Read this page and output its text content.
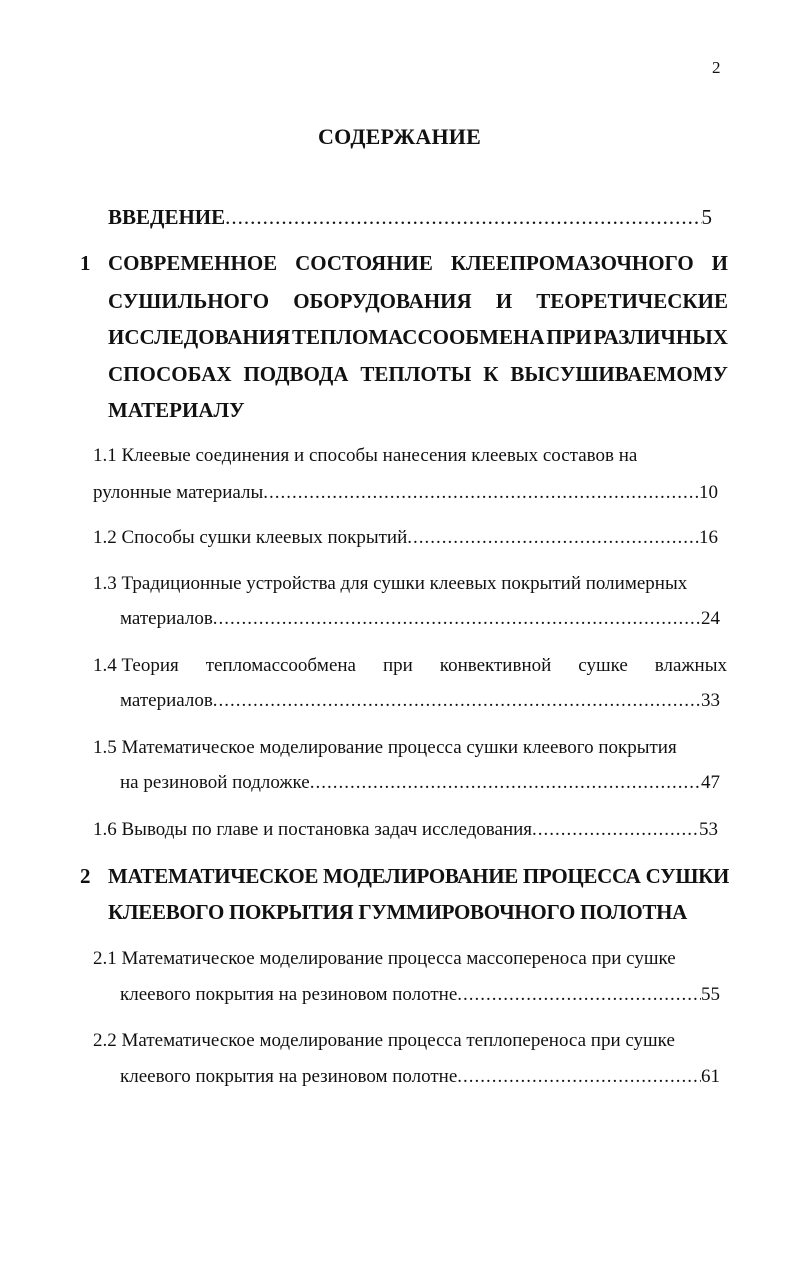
2
СОДЕРЖАНИЕ
ВВЕДЕНИЕ .....	5
1 СОВРЕМЕННОЕ СОСТОЯНИЕ КЛЕЕПРОМАЗОЧНОГО И
СУШИЛЬНОГО ОБОРУДОВАНИЯ И ТЕОРЕТИЧЕСКИЕ
ИССЛЕДОВАНИЯ ТЕПЛОМАССООБМЕНА ПРИ РАЗЛИЧНЫХ
СПОСОБАХ ПОДВОДА ТЕПЛОТЫ К ВЫСУШИВАЕМОМУ
МАТЕРИАЛУ
1.1 Клеевые соединения и способы нанесения клеевых составов на
рулонные материалы .....	10
1.2 Способы сушки клеевых покрытий .....	16
1.3 Традиционные устройства для сушки клеевых покрытий полимерных
материалов .....	24
1.4 Теория тепломассообмена при конвективной сушке влажных
материалов .....	33
1.5 Математическое моделирование процесса сушки клеевого покрытия
на резиновой подложке .....	47
1.6 Выводы по главе и постановка задач исследования .....	53
2 МАТЕМАТИЧЕСКОЕ МОДЕЛИРОВАНИЕ ПРОЦЕССА СУШКИ
КЛЕЕВОГО ПОКРЫТИЯ ГУММИРОВОЧНОГО ПОЛОТНА
2.1 Математическое моделирование процесса массопереноса при сушке
клеевого покрытия на резиновом полотне .....	55
2.2 Математическое моделирование процесса теплопереноса при сушке
клеевого покрытия на резиновом полотне .....	61
